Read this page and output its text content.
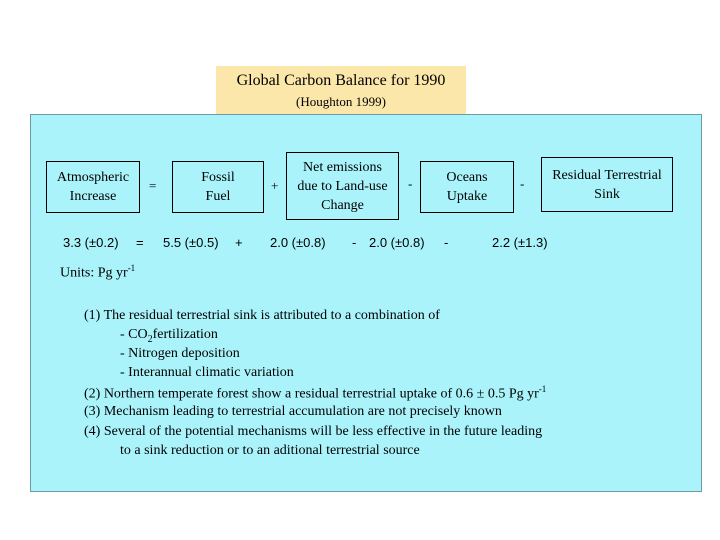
Global Carbon Balance for 1990
(Houghton 1999)
Atmospheric Increase
=
Fossil Fuel
+
Net emissions due to Land-use Change
-	Oceans Uptake
-
Residual Terrestrial Sink
3.3 (±0.2) = 5.5 (±0.5) + 2.0 (±0.8) - 2.0 (±0.8) -	2.2 (±1.3)
Units: Pg $yr^{-1}$
(1) The residual terrestrial sink is attributed to a combination of
- $CO_2fertilization$
- Nitrogen deposition
- Interannual climatic variation
(2) Northern temperate forest show a residual terrestrial uptake of 0.6 ± 0.5 Pg $yr^{-1}$
(3) Mechanism leading to terrestrial accumulation are not precisely known
(4) Several of the potential mechanisms will be less effective in the future leading
to a sink reduction or to an aditional terrestrial source
